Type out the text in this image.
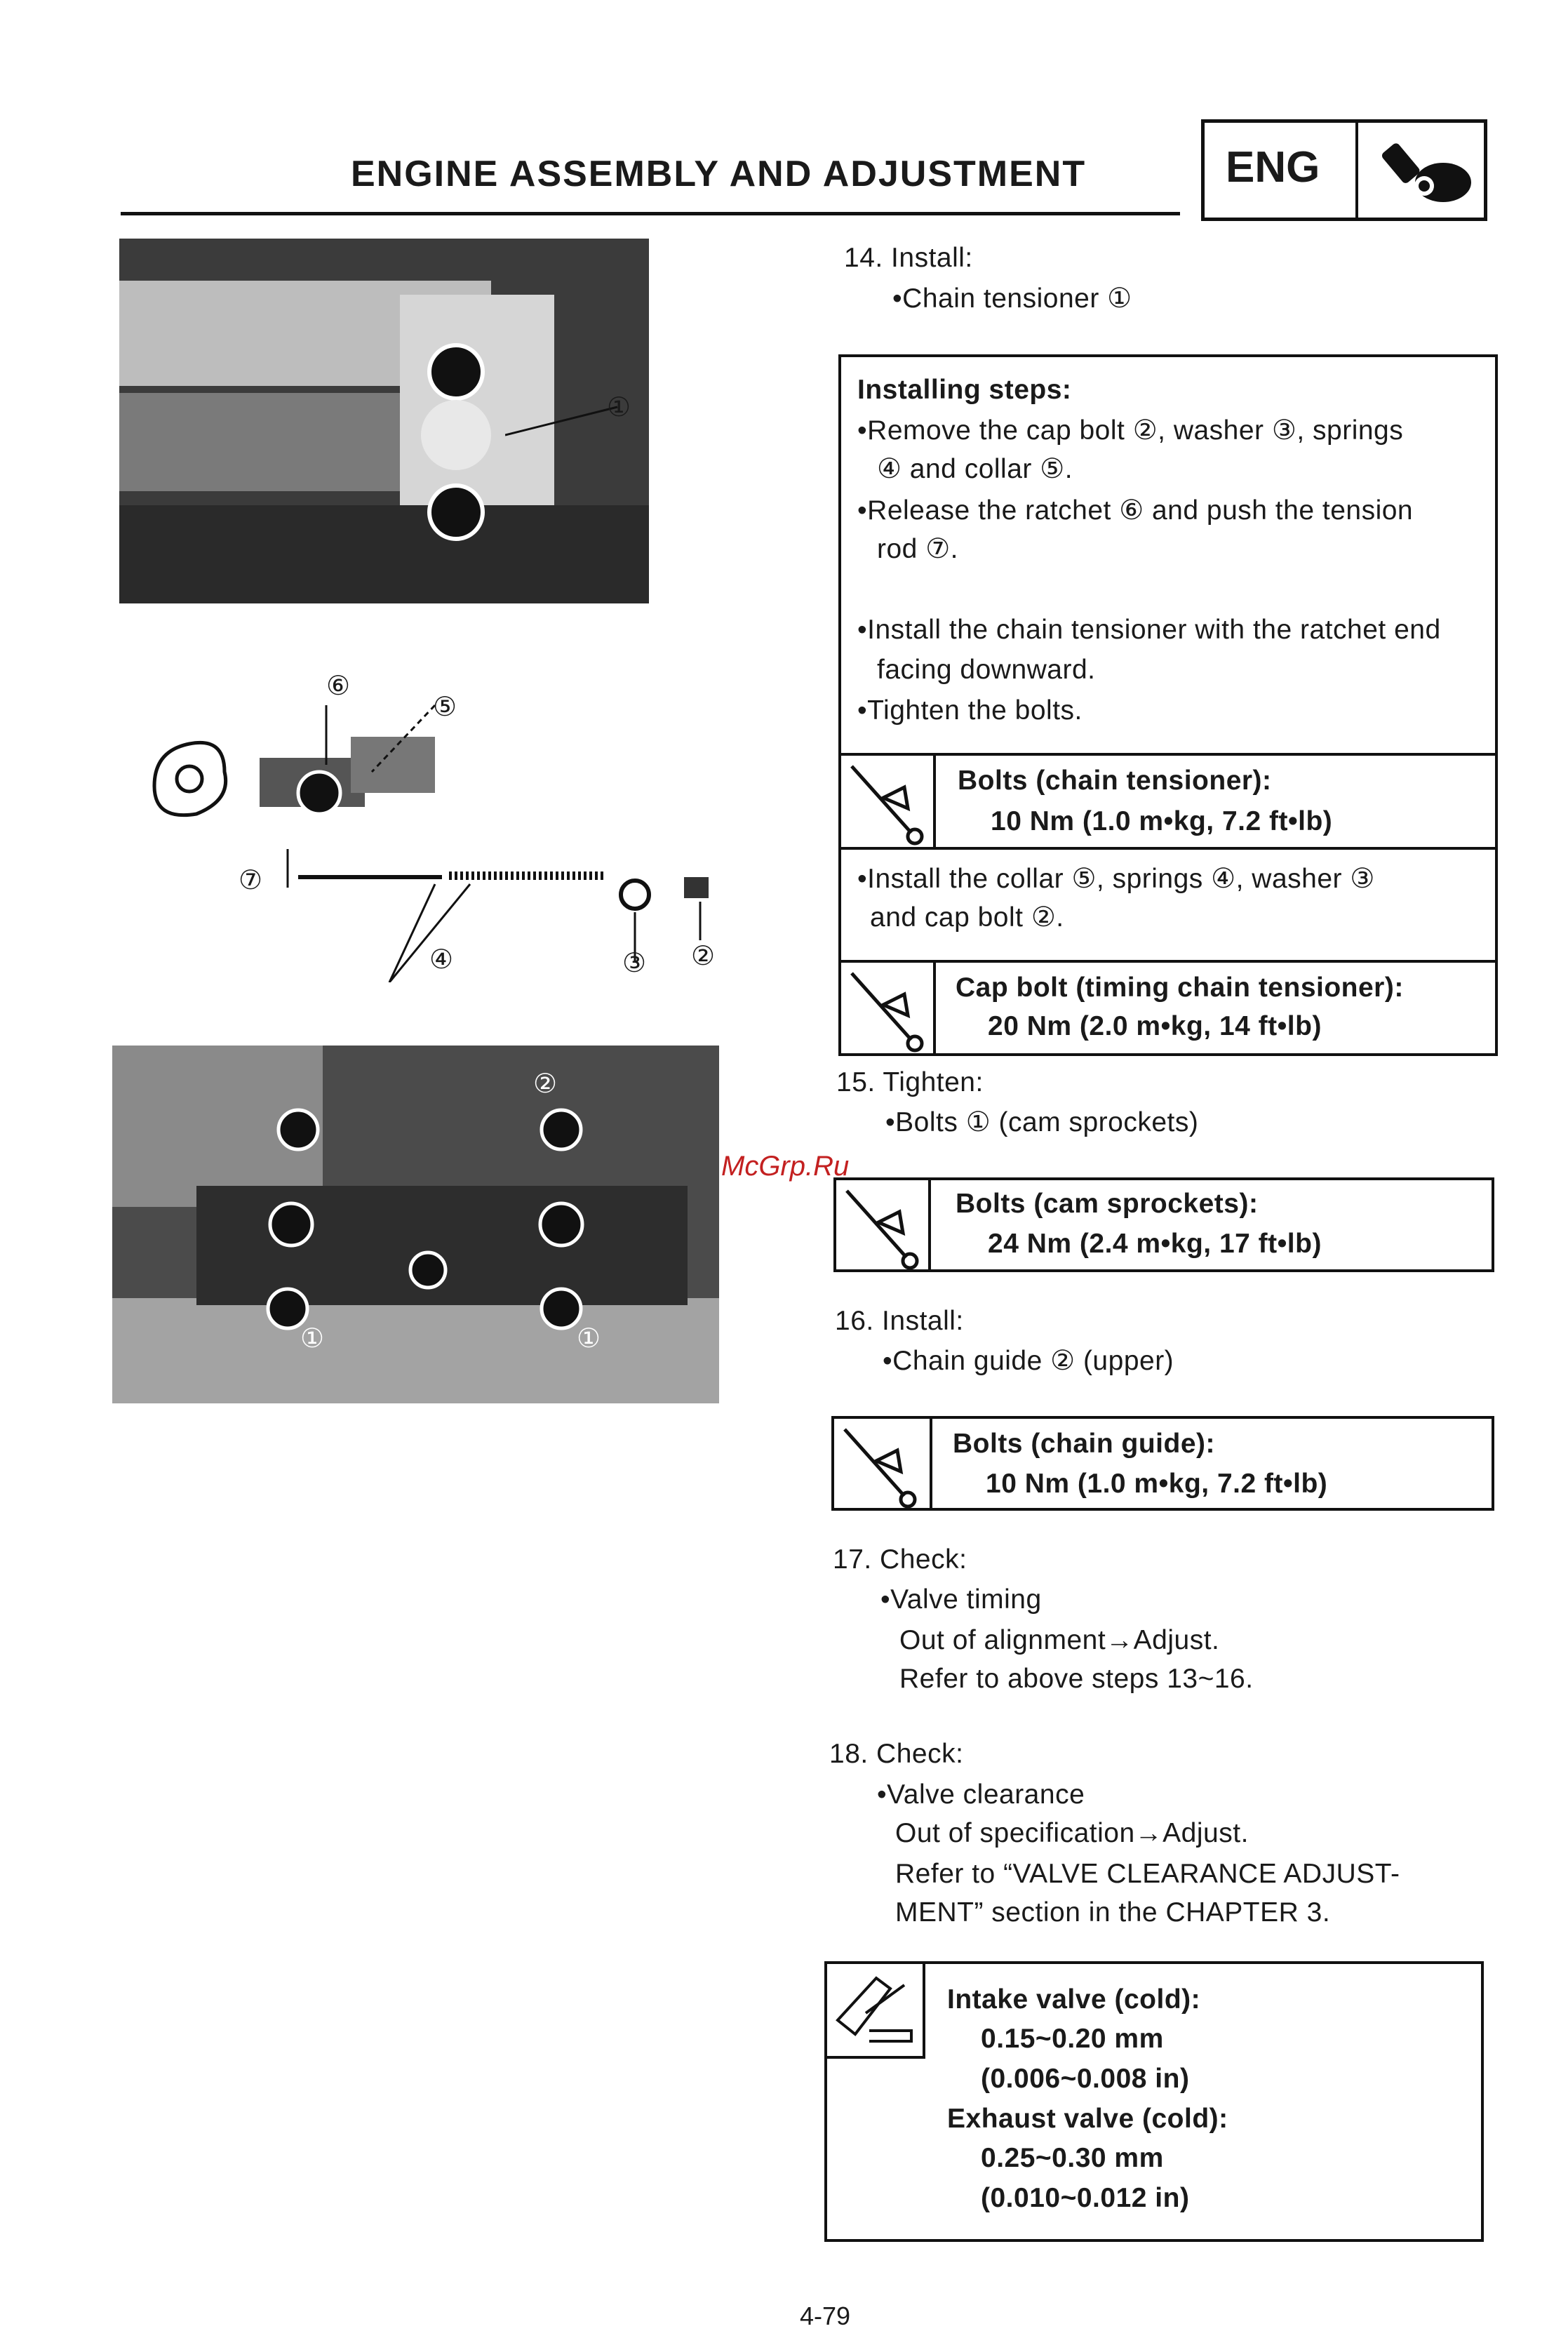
ENGINE ASSEMBLY AND ADJUSTMENT	ENG
①
⑥
⑤
⑦
④	③ ②
②
①	①
McGrp.Ru
14. Install:
•Chain tensioner ①
Installing steps:
•Remove the cap bolt ②, washer ③, springs
④ and collar ⑤.
•Release the ratchet ⑥ and push the tension
rod ⑦.
•Install the chain tensioner with the ratchet end
facing downward.
•Tighten the bolts.
Bolts (chain tensioner):
10 Nm (1.0 m•kg, 7.2 ft•lb)
•Install the collar ⑤, springs ④, washer ③
and cap bolt ②.
Cap bolt (timing chain tensioner):
20 Nm (2.0 m•kg, 14 ft•lb)
15. Tighten:
•Bolts ① (cam sprockets)
Bolts (cam sprockets):
24 Nm (2.4 m•kg, 17 ft•lb)
16. Install:
•Chain guide ② (upper)
Bolts (chain guide):
10 Nm (1.0 m•kg, 7.2 ft•lb)
17. Check:
•Valve timing
Out of alignment→Adjust.
Refer to above steps 13~16.
18. Check:
•Valve clearance
Out of specification→Adjust.
Refer to “VALVE CLEARANCE ADJUST-
MENT” section in the CHAPTER 3.
Intake valve (cold):
0.15~0.20 mm
(0.006~0.008 in)
Exhaust valve (cold):
0.25~0.30 mm
(0.010~0.012 in)
4-79
